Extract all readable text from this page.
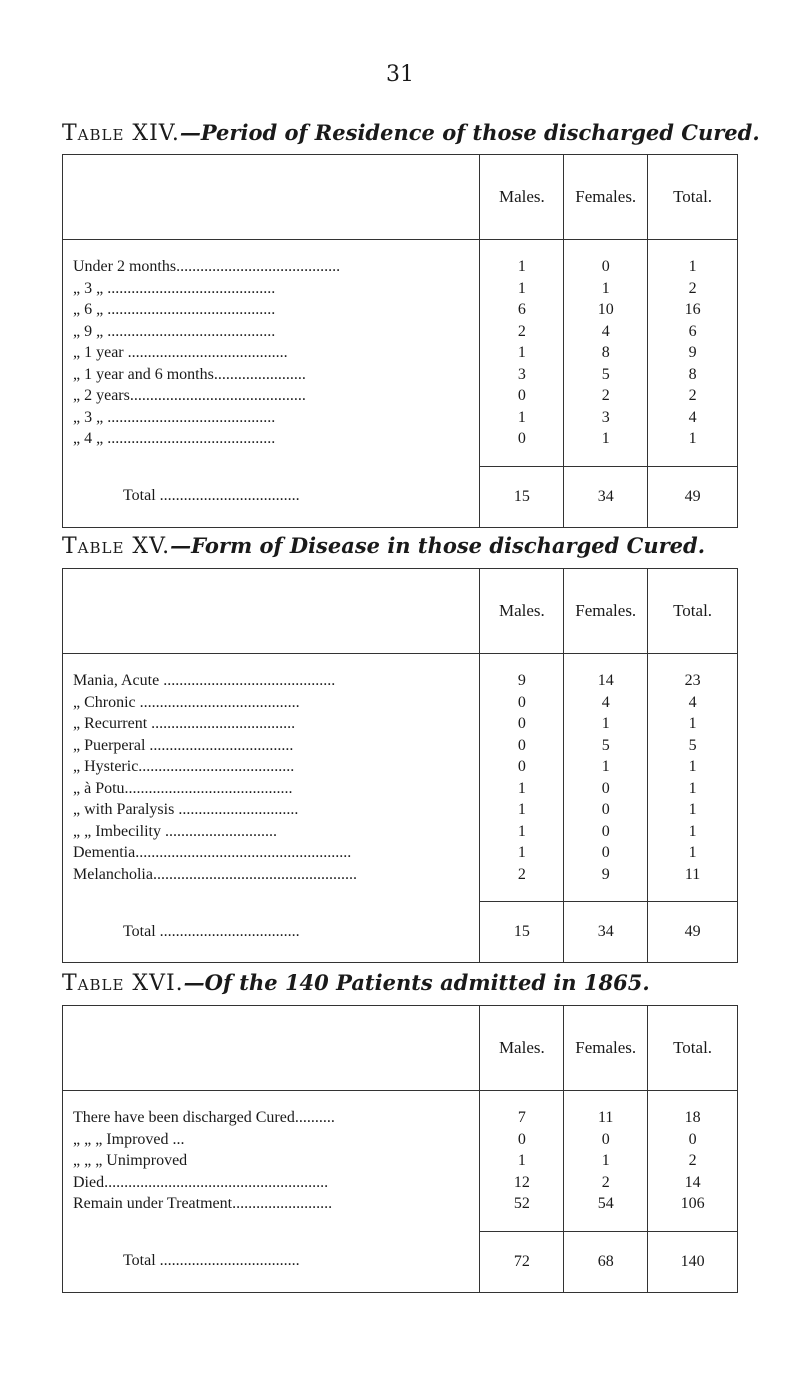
31
Table XIV.—Period of Residence of those discharged Cured.
	Males.	Females.	Total.

Under 2 months.........................................	1	0	1
„ 3 „ ..........................................	1	1	2
„ 6 „ ..........................................	6	10	16
„ 9 „ ..........................................	2	4	6
„ 1 year ........................................	1	8	9
„ 1 year and 6 months.......................	3	5	8
„ 2 years............................................	0	2	2
„ 3 „ ..........................................	1	3	4
„ 4 „ ..........................................	0	1	1

Total ...................................	15	34	49
Table XV.—Form of Disease in those discharged Cured.
	Males.	Females.	Total.

Mania, Acute ...........................................	9	14	23
„ Chronic ........................................	0	4	4
„ Recurrent ....................................	0	1	1
„ Puerperal ....................................	0	5	5
„ Hysteric.......................................	0	1	1
„ à Potu..........................................	1	0	1
„ with Paralysis ..............................	1	0	1
„ „ Imbecility ............................	1	0	1
Dementia......................................................	1	0	1
Melancholia...................................................	2	9	11

Total ...................................	15	34	49
Table XVI.—Of the 140 Patients admitted in 1865.
	Males.	Females.	Total.

There have been discharged Cured..........	7	11	18
„ „ „ Improved ...	0	0	0
„ „ „ Unimproved	1	1	2
Died........................................................	12	2	14
Remain under Treatment.........................	52	54	106

Total ...................................	72	68	140
